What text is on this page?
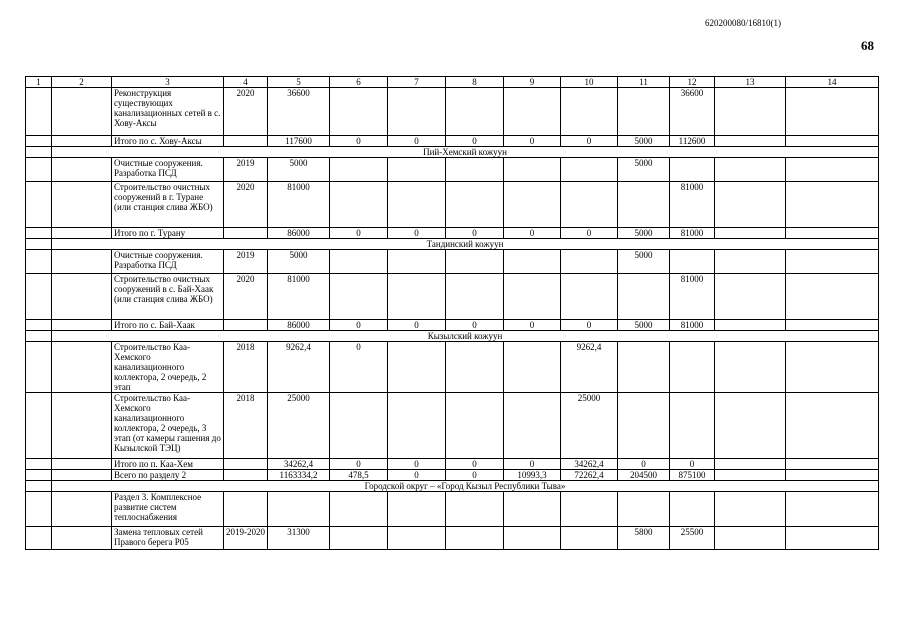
620200080/16810(1)
68
1	2	3	4	5	6	7	8	9	10	11	12	13	14
		Реконструкция существующих канализационных сетей в с. Хову-Аксы	2020	36600							36600		
		Итого по с. Хову-Аксы		117600	0	0	0	0	0	5000	112600		
	Пий-Хемский кожуун												
		Очистные сооружения. Разработка ПСД	2019	5000						5000			
		Строительство очистных сооружений в г. Туране (или станция слива ЖБО)	2020	81000							81000		
		Итого по г. Турану		86000	0	0	0	0	0	5000	81000		
	Тандинский кожуун												
		Очистные сооружения. Разработка ПСД	2019	5000						5000			
		Строительство очистных сооружений в с. Бай-Хаак (или станция слива ЖБО)	2020	81000							81000		
		Итого по с. Бай-Хаак		86000	0	0	0	0	0	5000	81000		
	Кызылский кожуун												
		Строительство Каа-Хемского канализационного коллектора, 2 очередь, 2 этап	2018	9262,4	0				9262,4				
		Строительство Каа-Хемского канализационного коллектора, 2 очередь, 3 этап (от камеры гашения до Кызылской ТЭЦ)	2018	25000					25000				
		Итого по п. Каа-Хем		34262,4	0	0	0	0	34262,4	0	0		
		Всего по разделу 2		1163334,2	478,5	0	0	10993,3	72262,4	204500	875100		
	Городской округ – «Город Кызыл Республики Тыва»												
		Раздел 3. Комплексное развитие систем теплоснабжения											
		Замена тепловых сетей Правого берега Р05	2019-2020	31300						5800	25500		
